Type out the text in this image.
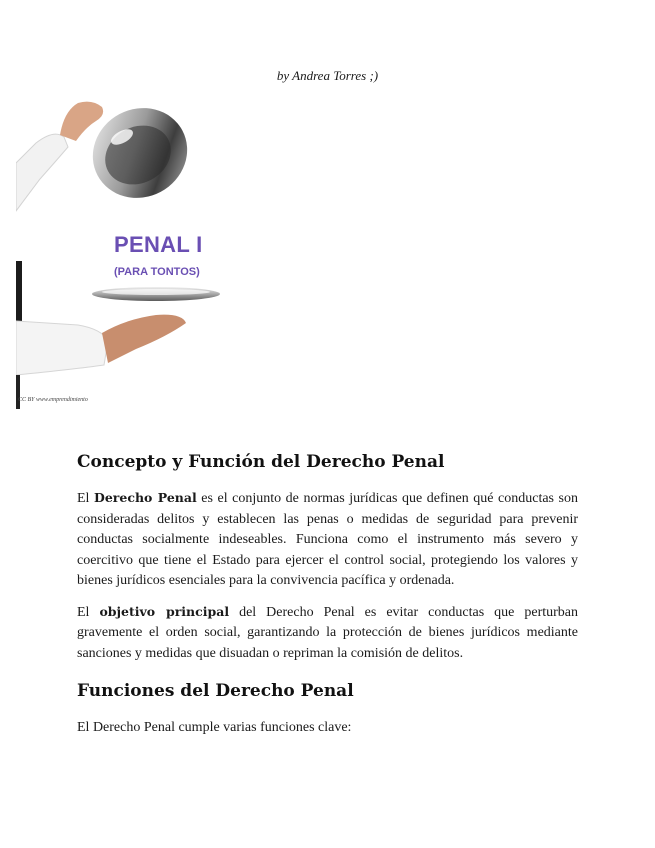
by Andrea Torres ;)
PENAL I
(PARA TONTOS)
CC BY www.emprendimiento
Concepto y Función del Derecho Penal

El Derecho Penal es el conjunto de normas jurídicas que definen qué conductas son consideradas delitos y establecen las penas o medidas de seguridad para prevenir conductas socialmente indeseables. Funciona como el instrumento más severo y coercitivo que tiene el Estado para ejercer el control social, protegiendo los valores y bienes jurídicos esenciales para la convivencia pacífica y ordenada.

El objetivo principal del Derecho Penal es evitar conductas que perturban gravemente el orden social, garantizando la protección de bienes jurídicos mediante sanciones y medidas que disuadan o repriman la comisión de delitos.

Funciones del Derecho Penal

El Derecho Penal cumple varias funciones clave:
